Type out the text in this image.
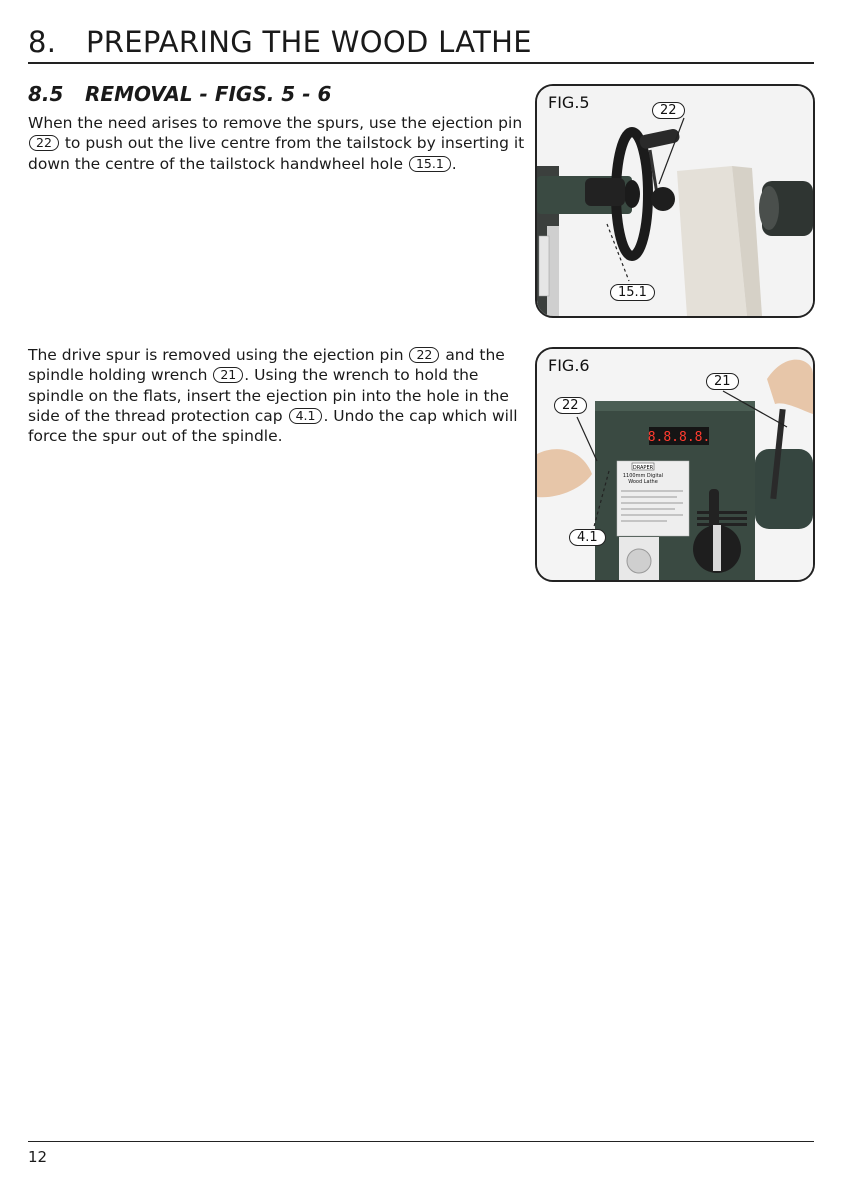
8. PREPARING THE WOOD LATHE
8.5 REMOVAL - FIGS. 5 - 6
When the need arises to remove the spurs, use the ejection pin 22 to push out the live centre from the tailstock by inserting it down the centre of the tailstock handwheel hole 15.1 .
The drive spur is removed using the ejection pin 22 and the spindle holding wrench 21 . Using the wrench to hold the spindle on the flats, insert the ejection pin into the hole in the side of the thread protection cap 4.1 . Undo the cap which will force the spur out of the spindle.
FIG.5	22
15.1
8.8.8.8.
DRAPER
1100mm Digital
Wood Lathe
FIG.6
21
22
4.1
12
